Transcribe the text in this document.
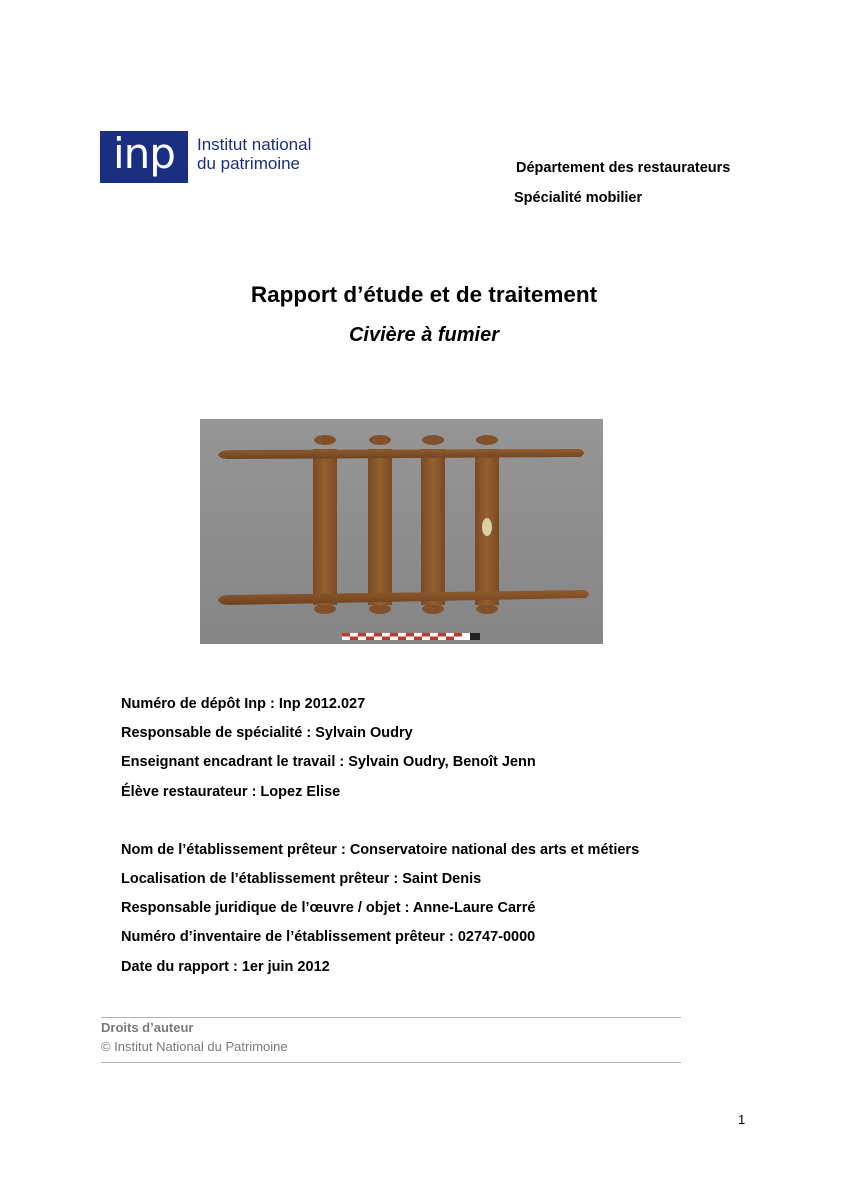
inp	Institut national
du patrimoine	Département des restaurateurs
Spécialité mobilier
Rapport d’étude et de traitement
Civière à fumier
Numéro de dépôt Inp : Inp 2012.027
Responsable de spécialité : Sylvain Oudry
Enseignant encadrant le travail : Sylvain Oudry, Benoît Jenn
Élève restaurateur : Lopez Elise
Nom de l’établissement prêteur : Conservatoire national des arts et métiers
Localisation de l’établissement prêteur : Saint Denis
Responsable juridique de l’œuvre / objet : Anne-Laure Carré
Numéro d’inventaire de l’établissement prêteur : 02747-0000
Date du rapport : 1er juin 2012
Droits d’auteur
© Institut National du Patrimoine
1
